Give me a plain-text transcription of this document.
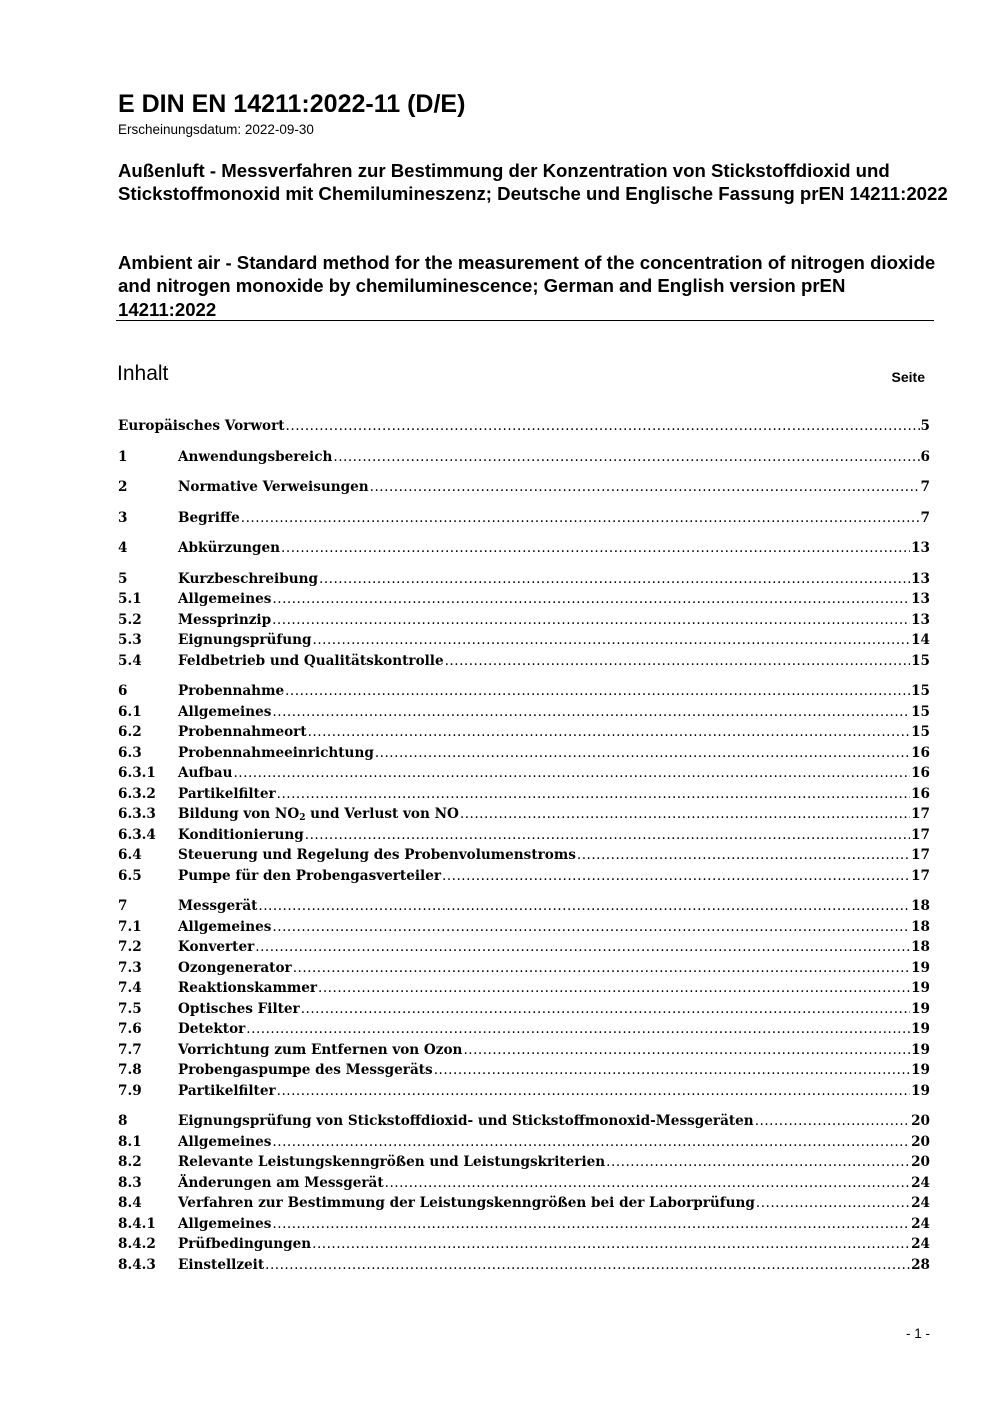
E DIN EN 14211:2022-11 (D/E)
Erscheinungsdatum: 2022-09-30
Außenluft - Messverfahren zur Bestimmung der Konzentration von Stickstoffdioxid und Stickstoffmonoxid mit Chemilumineszenz; Deutsche und Englische Fassung prEN 14211:2022
Ambient air - Standard method for the measurement of the concentration of nitrogen dioxide and nitrogen monoxide by chemiluminescence; German and English version prEN 14211:2022
Inhalt	Seite
Europäisches Vorwort .....	5
1	Anwendungsbereich .....	6
2	Normative Verweisungen .....	7
3	Begriffe .....	7
4	Abkürzungen .....	13
5	Kurzbeschreibung .....	13
5.1	Allgemeines .....	13
5.2	Messprinzip .....	13
5.3	Eignungsprüfung .....	14
5.4	Feldbetrieb und Qualitätskontrolle .....	15
6	Probennahme .....	15
6.1	Allgemeines .....	15
6.2	Probennahmeort .....	15
6.3	Probennahmeeinrichtung .....	16
6.3.1	Aufbau .....	16
6.3.2	Partikelfilter .....	16
6.3.3	Bildung von $NO_2$ und Verlust von NO .....	17
6.3.4	Konditionierung .....	17
6.4	Steuerung und Regelung des Probenvolumenstroms .....	17
6.5	Pumpe für den Probengasverteiler .....	17
7	Messgerät .....	18
7.1	Allgemeines .....	18
7.2	Konverter .....	18
7.3	Ozongenerator .....	19
7.4	Reaktionskammer .....	19
7.5	Optisches Filter .....	19
7.6	Detektor .....	19
7.7	Vorrichtung zum Entfernen von Ozon .....	19
7.8	Probengaspumpe des Messgeräts .....	19
7.9	Partikelfilter .....	19
8	Eignungsprüfung von Stickstoffdioxid- und Stickstoffmonoxid-Messgeräten .....	20
8.1	Allgemeines .....	20
8.2	Relevante Leistungskenngrößen und Leistungskriterien .....	20
8.3	Änderungen am Messgerät .....	24
8.4	Verfahren zur Bestimmung der Leistungskenngrößen bei der Laborprüfung .....	24
8.4.1	Allgemeines .....	24
8.4.2	Prüfbedingungen .....	24
8.4.3	Einstellzeit .....	28
- 1 -
